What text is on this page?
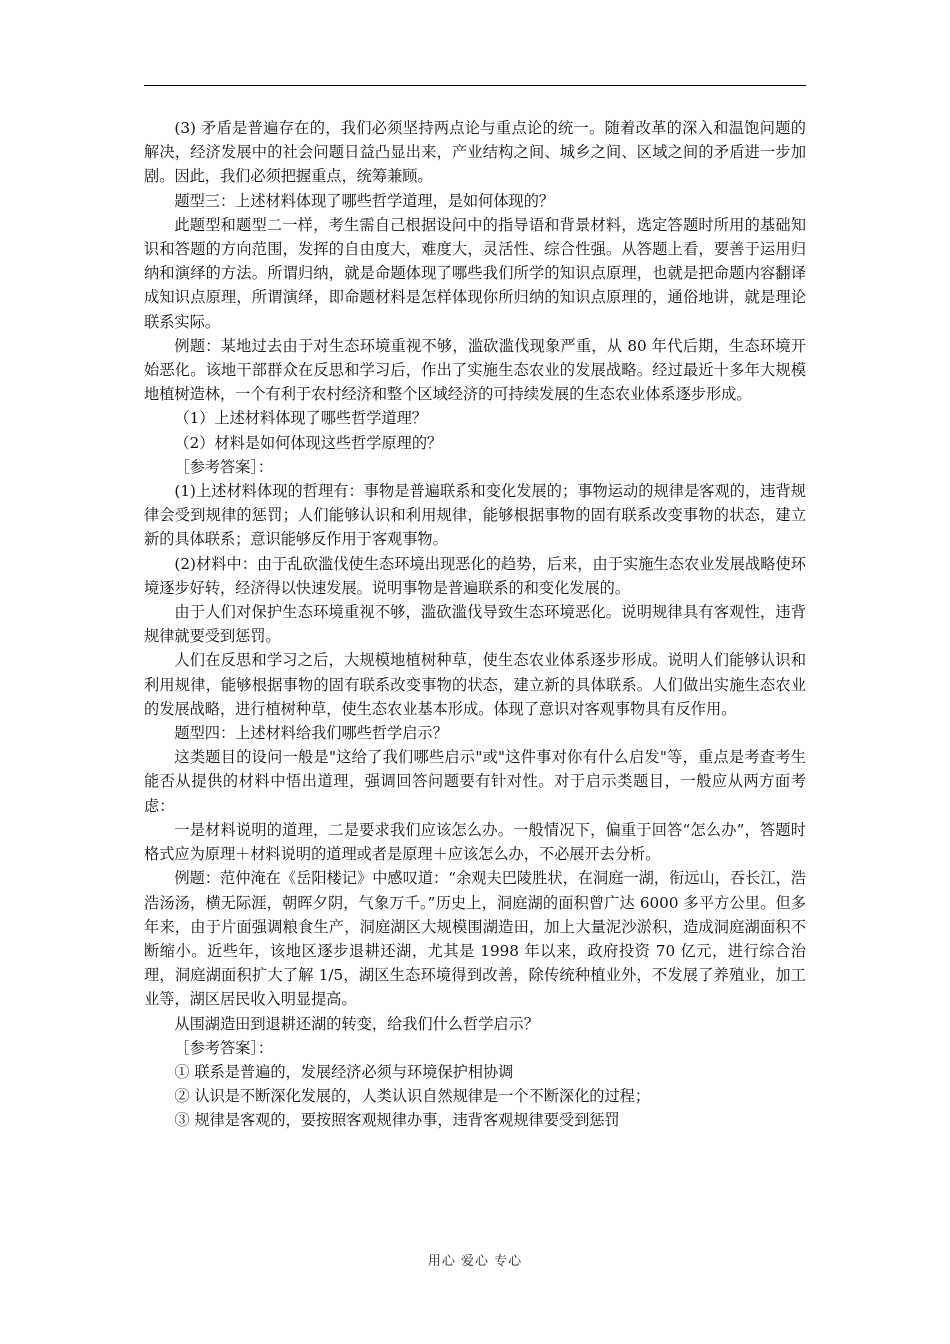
(3) 矛盾是普遍存在的，我们必须坚持两点论与重点论的统一。随着改革的深入和温饱问题的解决，经济发展中的社会问题日益凸显出来，产业结构之间、城乡之间、区域之间的矛盾进一步加剧。因此，我们必须把握重点，统筹兼顾。

题型三：上述材料体现了哪些哲学道理，是如何体现的？

此题型和题型二一样，考生需自己根据设问中的指导语和背景材料，选定答题时所用的基础知识和答题的方向范围，发挥的自由度大，难度大，灵活性、综合性强。从答题上看，要善于运用归纳和演绎的方法。所谓归纳，就是命题体现了哪些我们所学的知识点原理，也就是把命题内容翻译成知识点原理，所谓演绎，即命题材料是怎样体现你所归纳的知识点原理的，通俗地讲，就是理论联系实际。

例题：某地过去由于对生态环境重视不够，滥砍滥伐现象严重，从 80 年代后期，生态环境开始恶化。该地干部群众在反思和学习后，作出了实施生态农业的发展战略。经过最近十多年大规模地植树造林，一个有利于农村经济和整个区域经济的可持续发展的生态农业体系逐步形成。

（1）上述材料体现了哪些哲学道理？

（2）材料是如何体现这些哲学原理的？

［参考答案］：

(1)上述材料体现的哲理有：事物是普遍联系和变化发展的；事物运动的规律是客观的，违背规律会受到规律的惩罚；人们能够认识和利用规律，能够根据事物的固有联系改变事物的状态，建立新的具体联系；意识能够反作用于客观事物。

(2)材料中：由于乱砍滥伐使生态环境出现恶化的趋势，后来，由于实施生态农业发展战略使环境逐步好转，经济得以快速发展。说明事物是普遍联系的和变化发展的。

由于人们对保护生态环境重视不够，滥砍滥伐导致生态环境恶化。说明规律具有客观性，违背规律就要受到惩罚。

人们在反思和学习之后，大规模地植树种草，使生态农业体系逐步形成。说明人们能够认识和利用规律，能够根据事物的固有联系改变事物的状态，建立新的具体联系。人们做出实施生态农业的发展战略，进行植树种草，使生态农业基本形成。体现了意识对客观事物具有反作用。

题型四：上述材料给我们哪些哲学启示？

这类题目的设问一般是"这给了我们哪些启示"或"这件事对你有什么启发"等，重点是考查考生能否从提供的材料中悟出道理，强调回答问题要有针对性。对于启示类题目，一般应从两方面考虑：

一是材料说明的道理，二是要求我们应该怎么办。一般情况下，偏重于回答“怎么办”，答题时格式应为原理＋材料说明的道理或者是原理＋应该怎么办，不必展开去分析。

例题：范仲淹在《岳阳楼记》中感叹道：“余观夫巴陵胜状，在洞庭一湖，衔远山，吞长江，浩浩汤汤，横无际涯，朝晖夕阴，气象万千。”历史上，洞庭湖的面积曾广达 6000 多平方公里。但多年来，由于片面强调粮食生产，洞庭湖区大规模围湖造田，加上大量泥沙淤积，造成洞庭湖面积不断缩小。近些年，该地区逐步退耕还湖，尤其是 1998 年以来，政府投资 70 亿元，进行综合治理，洞庭湖面积扩大了解 1/5，湖区生态环境得到改善，除传统种植业外，不发展了养殖业，加工业等，湖区居民收入明显提高。

从围湖造田到退耕还湖的转变，给我们什么哲学启示？

［参考答案］：

① 联系是普遍的，发展经济必须与环境保护相协调

② 认识是不断深化发展的，人类认识自然规律是一个不断深化的过程；

③ 规律是客观的，要按照客观规律办事，违背客观规律要受到惩罚

用心 爱心 专心
